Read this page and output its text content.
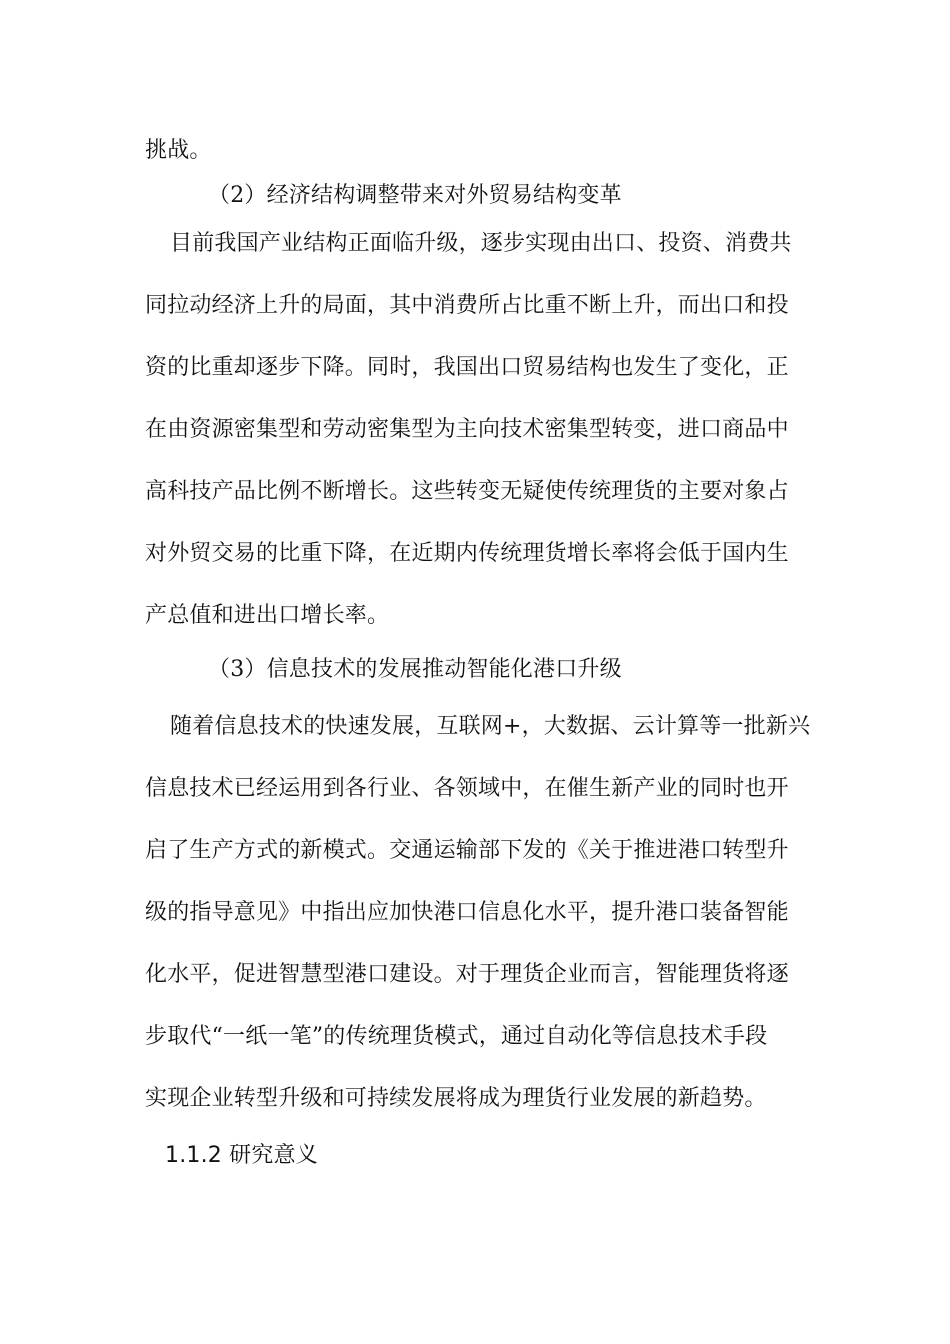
挑战。
（2）经济结构调整带来对外贸易结构变革
目前我国产业结构正面临升级，逐步实现由出口、投资、消费共
同拉动经济上升的局面，其中消费所占比重不断上升，而出口和投
资的比重却逐步下降。同时，我国出口贸易结构也发生了变化，正
在由资源密集型和劳动密集型为主向技术密集型转变，进口商品中
高科技产品比例不断增长。这些转变无疑使传统理货的主要对象占
对外贸交易的比重下降，在近期内传统理货增长率将会低于国内生
产总值和进出口增长率。
（3）信息技术的发展推动智能化港口升级
随着信息技术的快速发展，互联网+，大数据、云计算等一批新兴
信息技术已经运用到各行业、各领域中，在催生新产业的同时也开
启了生产方式的新模式。交通运输部下发的《关于推进港口转型升
级的指导意见》中指出应加快港口信息化水平，提升港口装备智能
化水平，促进智慧型港口建设。对于理货企业而言，智能理货将逐
步取代“一纸一笔”的传统理货模式，通过自动化等信息技术手段
实现企业转型升级和可持续发展将成为理货行业发展的新趋势。
1.1.2 研究意义
